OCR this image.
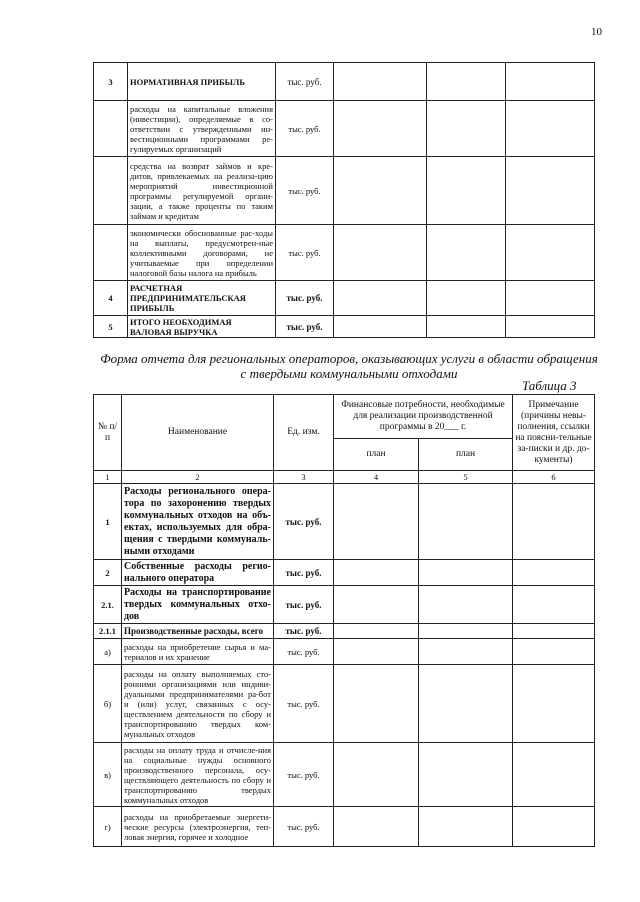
10
3	НОРМАТИВНАЯ ПРИБЫЛЬ	тыс. руб.			
	расходы на капитальные вложения (инвестиции), определяемые в со-ответствии с утвержденными ин-вестиционными программами ре-гулируемых организаций	тыс. руб.			
	средства на возврат займов и кре-дитов, привлекаемых на реализа-цию мероприятий инвестиционной программы регулируемой органи-зации, а также проценты по таким займам и кредитам	тыс. руб.			
	экономически обоснованные рас-ходы на выплаты, предусмотрен-ные коллективными договорами, не учитываемые при определении налоговой базы налога на прибыль	тыс. руб.			
4	РАСЧЕТНАЯ ПРЕДПРИНИМАТЕЛЬСКАЯ ПРИБЫЛЬ	тыс. руб.			
5	ИТОГО НЕОБХОДИМАЯ ВАЛОВАЯ ВЫРУЧКА	тыс. руб.			
Форма отчета для региональных операторов, оказывающих услуги в области обращения с твердыми коммунальными отходами
Таблица 3
№ п/п	Наименование	Ед. изм.	Финансовые потребности, необходимые для реализации производственной программы в 20___ г.		Примечание (причины невы-полнения, ссылки на поясни-тельные за-писки и др. до-кументы)
			план	план	
1	2	3	4	5	6
1	Расходы регионального опера-тора по захоронению твердых коммунальных отходов на объ-ектах, используемых для обра-щения с твердыми коммуналь-ными отходами	тыс. руб.			
2	Собственные расходы регио-нального оператора	тыс. руб.			
2.1.	Расходы на транспортирование твердых коммунальных отхо-дов	тыс. руб.			
2.1.1	Производственные расходы, всего	тыс. руб.			
а)	расходы на приобретение сырья и ма-териалов и их хранение	тыс. руб.			
б)	расходы на оплату выполняемых сто-ронними организациями или индиви-дуальными предпринимателями ра-бот и (или) услуг, связанных с осу-ществлением деятельности по сбору и транспортированию твердых ком-мунальных отходов	тыс. руб.			
в)	расходы на оплату труда и отчисле-ния на социальные нужды основного производственного персонала, осу-ществляющего деятельность по сбору и транспортированию твердых коммунальных отходов	тыс. руб.			
г)	расходы на приобретаемые энергети-ческие ресурсы (электроэнергия, теп-ловая энергия, горячее и холодное	тыс. руб.			
